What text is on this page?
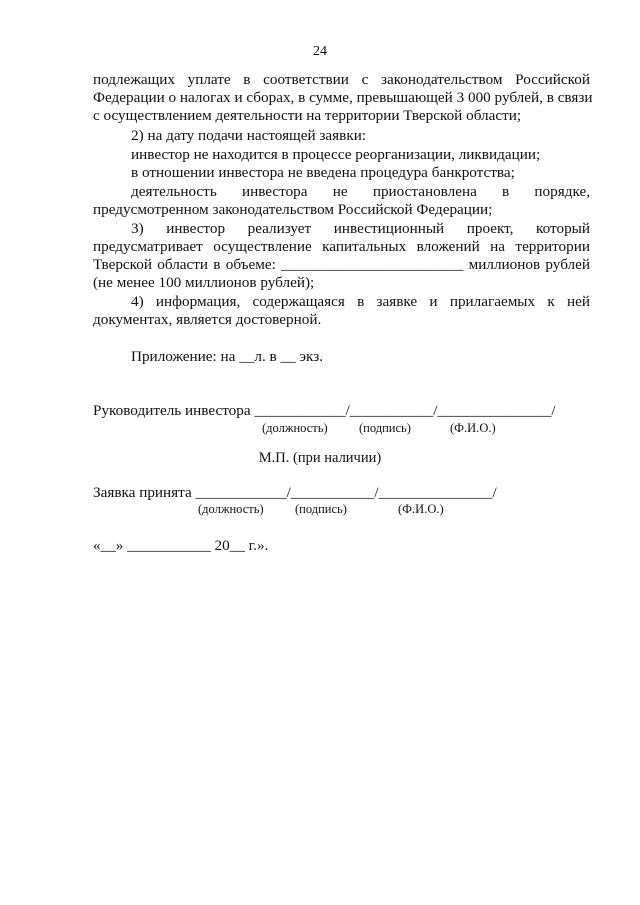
24
подлежащих уплате в соответствии с законодательством Российской
Федерации о налогах и сборах, в сумме, превышающей 3 000 рублей, в связи
с осуществлением деятельности на территории Тверской области;
2) на дату подачи настоящей заявки:
инвестор не находится в процессе реорганизации, ликвидации;
в отношении инвестора не введена процедура банкротства;
деятельность инвестора не приостановлена в порядке,
предусмотренном законодательством Российской Федерации;
3) инвестор реализует инвестиционный проект, который
предусматривает осуществление капитальных вложений на территории
Тверской области в объеме: ________________________ миллионов рублей
(не менее 100 миллионов рублей);
4) информация, содержащаяся в заявке и прилагаемых к ней
документах, является достоверной.
Приложение: на __л. в __ экз.
Руководитель инвестора ____________/___________/_______________/
(должность)	(подпись)	(Ф.И.О.)
М.П. (при наличии)
Заявка принята ____________/___________/_______________/
(должность)	(подпись)	(Ф.И.О.)
«__» ___________ 20__ г.».
